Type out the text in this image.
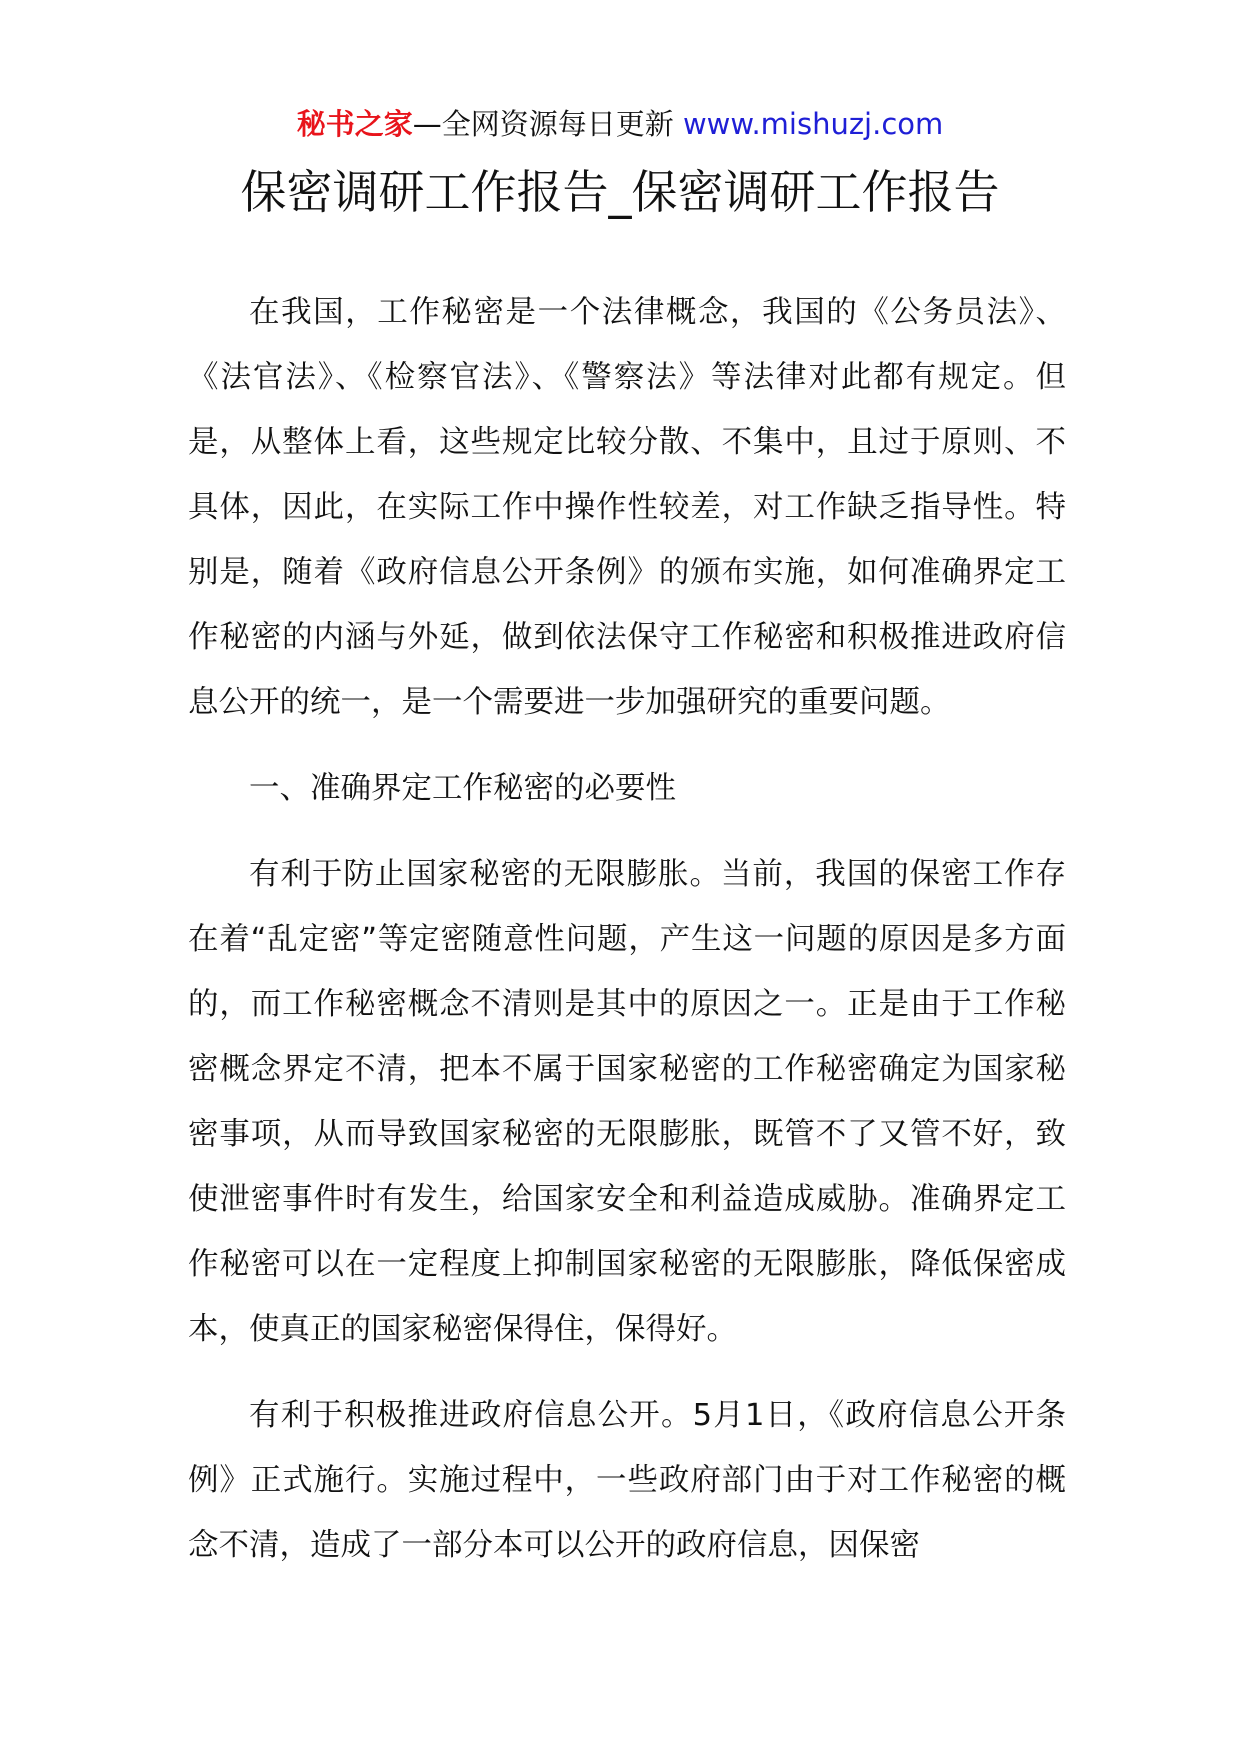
秘书之家—全网资源每日更新 www.mishuzj.com
保密调研工作报告_保密调研工作报告

在我国，工作秘密是一个法律概念，我国的《公务员法》、《法官法》、《检察官法》、《警察法》等法律对此都有规定。但是，从整体上看，这些规定比较分散、不集中，且过于原则、不具体，因此，在实际工作中操作性较差，对工作缺乏指导性。特别是，随着《政府信息公开条例》的颁布实施，如何准确界定工作秘密的内涵与外延，做到依法保守工作秘密和积极推进政府信息公开的统一，是一个需要进一步加强研究的重要问题。

一、准确界定工作秘密的必要性

有利于防止国家秘密的无限膨胀。当前，我国的保密工作存在着“乱定密”等定密随意性问题，产生这一问题的原因是多方面的，而工作秘密概念不清则是其中的原因之一。正是由于工作秘密概念界定不清，把本不属于国家秘密的工作秘密确定为国家秘密事项，从而导致国家秘密的无限膨胀，既管不了又管不好，致使泄密事件时有发生，给国家安全和利益造成威胁。准确界定工作秘密可以在一定程度上抑制国家秘密的无限膨胀，降低保密成本，使真正的国家秘密保得住，保得好。

有利于积极推进政府信息公开。5月1日，《政府信息公开条例》正式施行。实施过程中，一些政府部门由于对工作秘密的概念不清，造成了一部分本可以公开的政府信息，因保密
